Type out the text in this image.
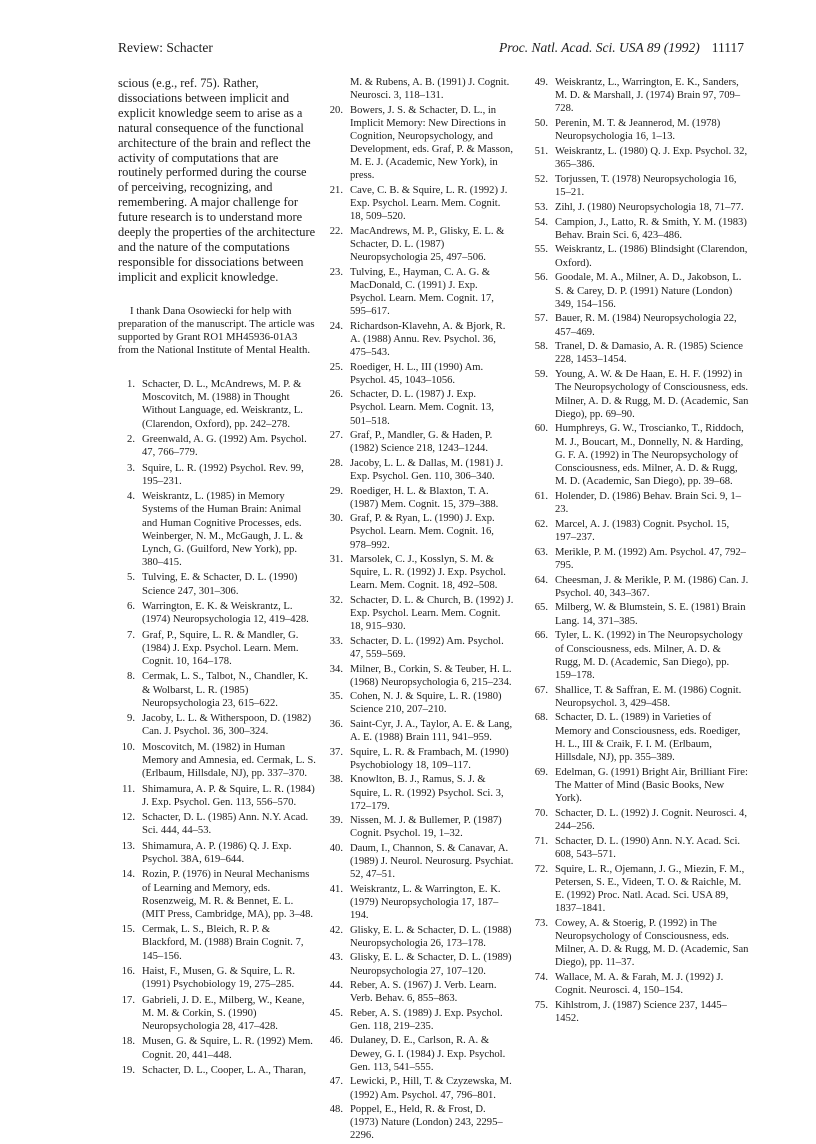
Review: Schacter	Proc. Natl. Acad. Sci. USA 89 (1992) 11117

scious (e.g., ref. 75). Rather, dissociations between implicit and explicit knowledge seem to arise as a natural consequence of the functional architecture of the brain and reflect the activity of computations that are routinely performed during the course of perceiving, recognizing, and remembering. A major challenge for future research is to understand more deeply the properties of the architecture and the nature of the computations responsible for dissociations between implicit and explicit knowledge.

I thank Dana Osowiecki for help with preparation of the manuscript. The article was supported by Grant RO1 MH45936-01A3 from the National Institute of Mental Health.

1. Schacter, D. L., McAndrews, M. P. & Moscovitch, M. (1988) in Thought Without Language, ed. Weiskrantz, L. (Clarendon, Oxford), pp. 242–278.
2. Greenwald, A. G. (1992) Am. Psychol. 47, 766–779.
3. Squire, L. R. (1992) Psychol. Rev. 99, 195–231.
4. Weiskrantz, L. (1985) in Memory Systems of the Human Brain: Animal and Human Cognitive Processes, eds. Weinberger, N. M., McGaugh, J. L. & Lynch, G. (Guilford, New York), pp. 380–415.
5. Tulving, E. & Schacter, D. L. (1990) Science 247, 301–306.
6. Warrington, E. K. & Weiskrantz, L. (1974) Neuropsychologia 12, 419–428.
7. Graf, P., Squire, L. R. & Mandler, G. (1984) J. Exp. Psychol. Learn. Mem. Cognit. 10, 164–178.
8. Cermak, L. S., Talbot, N., Chandler, K. & Wolbarst, L. R. (1985) Neuropsychologia 23, 615–622.
9. Jacoby, L. L. & Witherspoon, D. (1982) Can. J. Psychol. 36, 300–324.
10. Moscovitch, M. (1982) in Human Memory and Amnesia, ed. Cermak, L. S. (Erlbaum, Hillsdale, NJ), pp. 337–370.
11. Shimamura, A. P. & Squire, L. R. (1984) J. Exp. Psychol. Gen. 113, 556–570.
12. Schacter, D. L. (1985) Ann. N.Y. Acad. Sci. 444, 44–53.
13. Shimamura, A. P. (1986) Q. J. Exp. Psychol. 38A, 619–644.
14. Rozin, P. (1976) in Neural Mechanisms of Learning and Memory, eds. Rosenzweig, M. R. & Bennet, E. L. (MIT Press, Cambridge, MA), pp. 3–48.
15. Cermak, L. S., Bleich, R. P. & Blackford, M. (1988) Brain Cognit. 7, 145–156.
16. Haist, F., Musen, G. & Squire, L. R. (1991) Psychobiology 19, 275–285.
17. Gabrieli, J. D. E., Milberg, W., Keane, M. M. & Corkin, S. (1990) Neuropsychologia 28, 417–428.
18. Musen, G. & Squire, L. R. (1992) Mem. Cognit. 20, 441–448.
19. Schacter, D. L., Cooper, L. A., Tharan,
M. & Rubens, A. B. (1991) J. Cognit. Neurosci. 3, 118–131.
20. Bowers, J. S. & Schacter, D. L., in Implicit Memory: New Directions in Cognition, Neuropsychology, and Development, eds. Graf, P. & Masson, M. E. J. (Academic, New York), in press.
21. Cave, C. B. & Squire, L. R. (1992) J. Exp. Psychol. Learn. Mem. Cognit. 18, 509–520.
22. MacAndrews, M. P., Glisky, E. L. & Schacter, D. L. (1987) Neuropsychologia 25, 497–506.
23. Tulving, E., Hayman, C. A. G. & MacDonald, C. (1991) J. Exp. Psychol. Learn. Mem. Cognit. 17, 595–617.
24. Richardson-Klavehn, A. & Bjork, R. A. (1988) Annu. Rev. Psychol. 36, 475–543.
25. Roediger, H. L., III (1990) Am. Psychol. 45, 1043–1056.
26. Schacter, D. L. (1987) J. Exp. Psychol. Learn. Mem. Cognit. 13, 501–518.
27. Graf, P., Mandler, G. & Haden, P. (1982) Science 218, 1243–1244.
28. Jacoby, L. L. & Dallas, M. (1981) J. Exp. Psychol. Gen. 110, 306–340.
29. Roediger, H. L. & Blaxton, T. A. (1987) Mem. Cognit. 15, 379–388.
30. Graf, P. & Ryan, L. (1990) J. Exp. Psychol. Learn. Mem. Cognit. 16, 978–992.
31. Marsolek, C. J., Kosslyn, S. M. & Squire, L. R. (1992) J. Exp. Psychol. Learn. Mem. Cognit. 18, 492–508.
32. Schacter, D. L. & Church, B. (1992) J. Exp. Psychol. Learn. Mem. Cognit. 18, 915–930.
33. Schacter, D. L. (1992) Am. Psychol. 47, 559–569.
34. Milner, B., Corkin, S. & Teuber, H. L. (1968) Neuropsychologia 6, 215–234.
35. Cohen, N. J. & Squire, L. R. (1980) Science 210, 207–210.
36. Saint-Cyr, J. A., Taylor, A. E. & Lang, A. E. (1988) Brain 111, 941–959.
37. Squire, L. R. & Frambach, M. (1990) Psychobiology 18, 109–117.
38. Knowlton, B. J., Ramus, S. J. & Squire, L. R. (1992) Psychol. Sci. 3, 172–179.
39. Nissen, M. J. & Bullemer, P. (1987) Cognit. Psychol. 19, 1–32.
40. Daum, I., Channon, S. & Canavar, A. (1989) J. Neurol. Neurosurg. Psychiat. 52, 47–51.
41. Weiskrantz, L. & Warrington, E. K. (1979) Neuropsychologia 17, 187–194.
42. Glisky, E. L. & Schacter, D. L. (1988) Neuropsychologia 26, 173–178.
43. Glisky, E. L. & Schacter, D. L. (1989) Neuropsychologia 27, 107–120.
44. Reber, A. S. (1967) J. Verb. Learn. Verb. Behav. 6, 855–863.
45. Reber, A. S. (1989) J. Exp. Psychol. Gen. 118, 219–235.
46. Dulaney, D. E., Carlson, R. A. & Dewey, G. I. (1984) J. Exp. Psychol. Gen. 113, 541–555.
47. Lewicki, P., Hill, T. & Czyzewska, M. (1992) Am. Psychol. 47, 796–801.
48. Poppel, E., Held, R. & Frost, D. (1973) Nature (London) 243, 2295–2296.
49. Weiskrantz, L., Warrington, E. K., Sanders, M. D. & Marshall, J. (1974) Brain 97, 709–728.
50. Perenin, M. T. & Jeannerod, M. (1978) Neuropsychologia 16, 1–13.
51. Weiskrantz, L. (1980) Q. J. Exp. Psychol. 32, 365–386.
52. Torjussen, T. (1978) Neuropsychologia 16, 15–21.
53. Zihl, J. (1980) Neuropsychologia 18, 71–77.
54. Campion, J., Latto, R. & Smith, Y. M. (1983) Behav. Brain Sci. 6, 423–486.
55. Weiskrantz, L. (1986) Blindsight (Clarendon, Oxford).
56. Goodale, M. A., Milner, A. D., Jakobson, L. S. & Carey, D. P. (1991) Nature (London) 349, 154–156.
57. Bauer, R. M. (1984) Neuropsychologia 22, 457–469.
58. Tranel, D. & Damasio, A. R. (1985) Science 228, 1453–1454.
59. Young, A. W. & De Haan, E. H. F. (1992) in The Neuropsychology of Consciousness, eds. Milner, A. D. & Rugg, M. D. (Academic, San Diego), pp. 69–90.
60. Humphreys, G. W., Troscianko, T., Riddoch, M. J., Boucart, M., Donnelly, N. & Harding, G. F. A. (1992) in The Neuropsychology of Consciousness, eds. Milner, A. D. & Rugg, M. D. (Academic, San Diego), pp. 39–68.
61. Holender, D. (1986) Behav. Brain Sci. 9, 1–23.
62. Marcel, A. J. (1983) Cognit. Psychol. 15, 197–237.
63. Merikle, P. M. (1992) Am. Psychol. 47, 792–795.
64. Cheesman, J. & Merikle, P. M. (1986) Can. J. Psychol. 40, 343–367.
65. Milberg, W. & Blumstein, S. E. (1981) Brain Lang. 14, 371–385.
66. Tyler, L. K. (1992) in The Neuropsychology of Consciousness, eds. Milner, A. D. & Rugg, M. D. (Academic, San Diego), pp. 159–178.
67. Shallice, T. & Saffran, E. M. (1986) Cognit. Neuropsychol. 3, 429–458.
68. Schacter, D. L. (1989) in Varieties of Memory and Consciousness, eds. Roediger, H. L., III & Craik, F. I. M. (Erlbaum, Hillsdale, NJ), pp. 355–389.
69. Edelman, G. (1991) Bright Air, Brilliant Fire: The Matter of Mind (Basic Books, New York).
70. Schacter, D. L. (1992) J. Cognit. Neurosci. 4, 244–256.
71. Schacter, D. L. (1990) Ann. N.Y. Acad. Sci. 608, 543–571.
72. Squire, L. R., Ojemann, J. G., Miezin, F. M., Petersen, S. E., Videen, T. O. & Raichle, M. E. (1992) Proc. Natl. Acad. Sci. USA 89, 1837–1841.
73. Cowey, A. & Stoerig, P. (1992) in The Neuropsychology of Consciousness, eds. Milner, A. D. & Rugg, M. D. (Academic, San Diego), pp. 11–37.
74. Wallace, M. A. & Farah, M. J. (1992) J. Cognit. Neurosci. 4, 150–154.
75. Kihlstrom, J. (1987) Science 237, 1445–1452.
